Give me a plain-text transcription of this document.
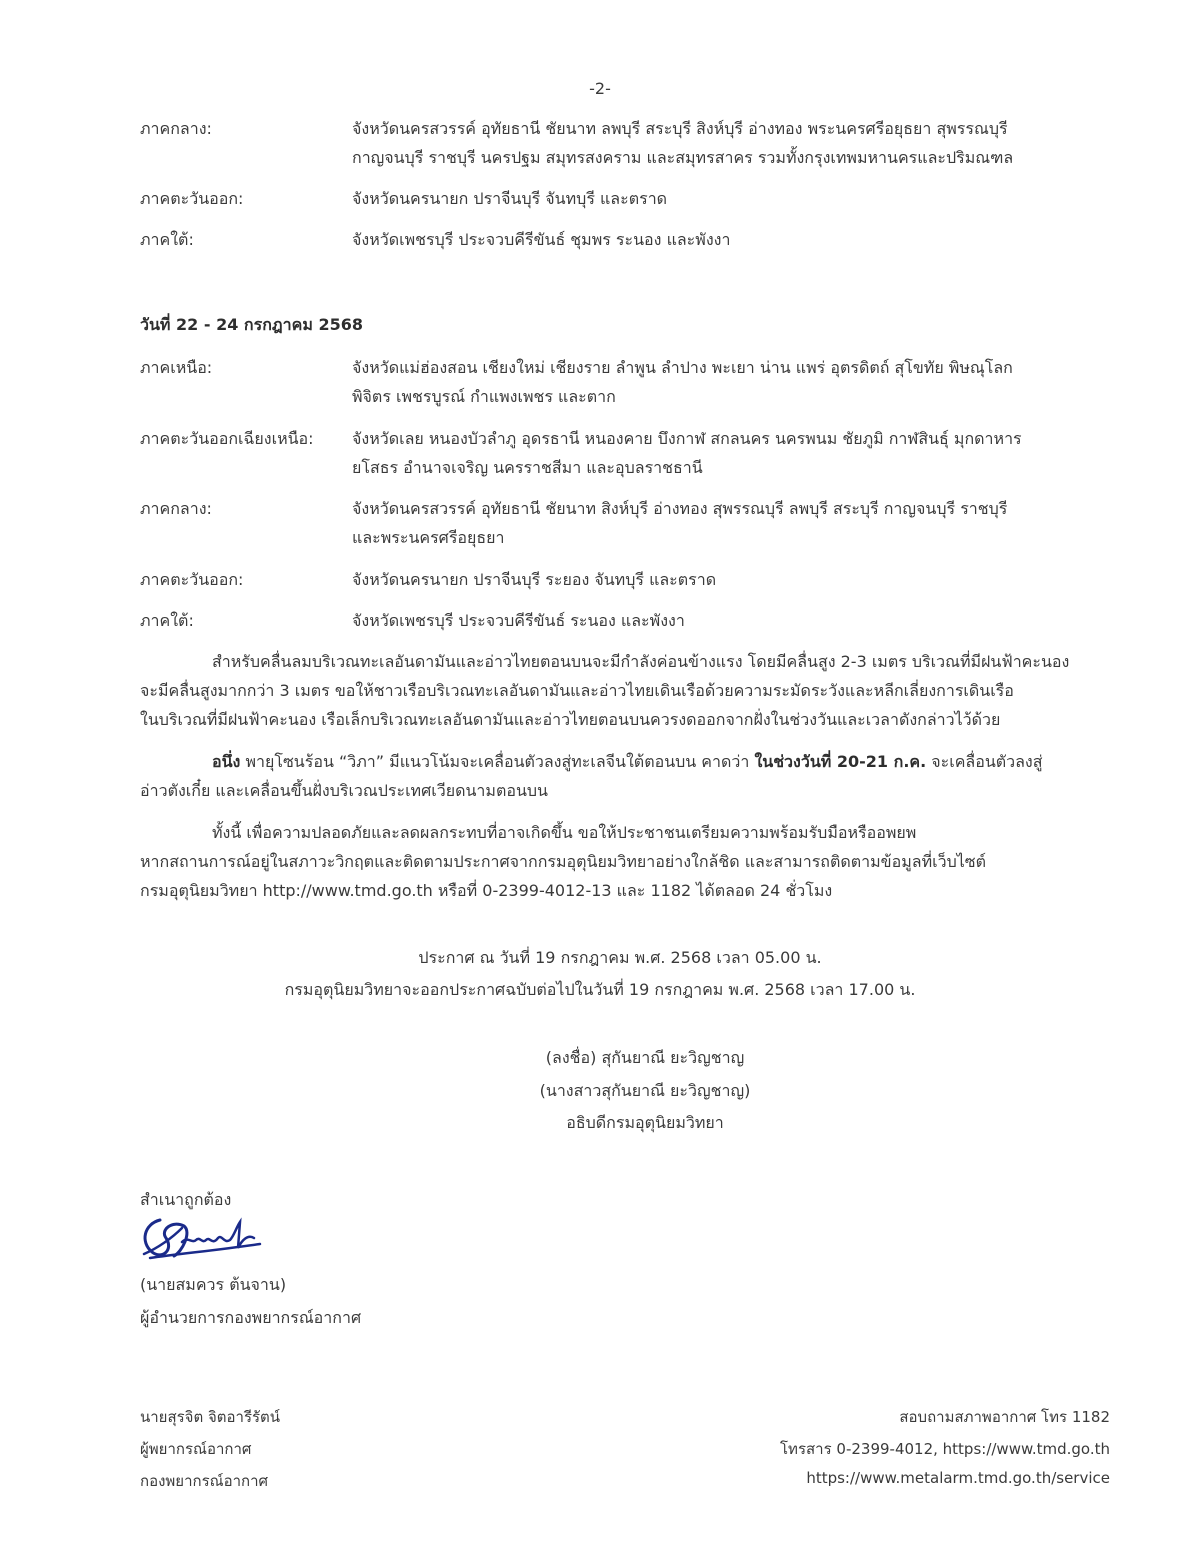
-2-
ภาคกลาง:	จังหวัดนครสวรรค์ อุทัยธานี ชัยนาท ลพบุรี สระบุรี สิงห์บุรี อ่างทอง พระนครศรีอยุธยา สุพรรณบุรี
กาญจนบุรี ราชบุรี นครปฐม สมุทรสงคราม และสมุทรสาคร รวมทั้งกรุงเทพมหานครและปริมณฑล
ภาคตะวันออก:	จังหวัดนครนายก ปราจีนบุรี จันทบุรี และตราด
ภาคใต้:	จังหวัดเพชรบุรี ประจวบคีรีขันธ์ ชุมพร ระนอง และพังงา
วันที่ 22 - 24 กรกฎาคม 2568
ภาคเหนือ:	จังหวัดแม่ฮ่องสอน เชียงใหม่ เชียงราย ลำพูน ลำปาง พะเยา น่าน แพร่ อุตรดิตถ์ สุโขทัย พิษณุโลก
พิจิตร เพชรบูรณ์ กำแพงเพชร และตาก
ภาคตะวันออกเฉียงเหนือ: จังหวัดเลย หนองบัวลำภู อุดรธานี หนองคาย บึงกาฬ สกลนคร นครพนม ชัยภูมิ กาฬสินธุ์ มุกดาหาร
ยโสธร อำนาจเจริญ นครราชสีมา และอุบลราชธานี
ภาคกลาง:	จังหวัดนครสวรรค์ อุทัยธานี ชัยนาท สิงห์บุรี อ่างทอง สุพรรณบุรี ลพบุรี สระบุรี กาญจนบุรี ราชบุรี
และพระนครศรีอยุธยา
ภาคตะวันออก:	จังหวัดนครนายก ปราจีนบุรี ระยอง จันทบุรี และตราด
ภาคใต้:	จังหวัดเพชรบุรี ประจวบคีรีขันธ์ ระนอง และพังงา
สำหรับคลื่นลมบริเวณทะเลอันดามันและอ่าวไทยตอนบนจะมีกำลังค่อนข้างแรง โดยมีคลื่นสูง 2-3 เมตร บริเวณที่มีฝนฟ้าคะนอง
จะมีคลื่นสูงมากกว่า 3 เมตร ขอให้ชาวเรือบริเวณทะเลอันดามันและอ่าวไทยเดินเรือด้วยความระมัดระวังและหลีกเลี่ยงการเดินเรือ
ในบริเวณที่มีฝนฟ้าคะนอง เรือเล็กบริเวณทะเลอันดามันและอ่าวไทยตอนบนควรงดออกจากฝั่งในช่วงวันและเวลาดังกล่าวไว้ด้วย
อนึ่ง พายุโซนร้อน “วิภา” มีแนวโน้มจะเคลื่อนตัวลงสู่ทะเลจีนใต้ตอนบน คาดว่า ในช่วงวันที่ 20-21 ก.ค. จะเคลื่อนตัวลงสู่
อ่าวตังเกี๋ย และเคลื่อนขึ้นฝั่งบริเวณประเทศเวียดนามตอนบน
ทั้งนี้ เพื่อความปลอดภัยและลดผลกระทบที่อาจเกิดขึ้น ขอให้ประชาชนเตรียมความพร้อมรับมือหรืออพยพ
หากสถานการณ์อยู่ในสภาวะวิกฤตและติดตามประกาศจากกรมอุตุนิยมวิทยาอย่างใกล้ชิด และสามารถติดตามข้อมูลที่เว็บไซต์
กรมอุตุนิยมวิทยา http://www.tmd.go.th หรือที่ 0-2399-4012-13 และ 1182 ได้ตลอด 24 ชั่วโมง
ประกาศ ณ วันที่ 19 กรกฎาคม พ.ศ. 2568 เวลา 05.00 น.
กรมอุตุนิยมวิทยาจะออกประกาศฉบับต่อไปในวันที่ 19 กรกฎาคม พ.ศ. 2568 เวลา 17.00 น.
(ลงชื่อ) สุกันยาณี ยะวิญชาญ
(นางสาวสุกันยาณี ยะวิญชาญ)
อธิบดีกรมอุตุนิยมวิทยา
สำเนาถูกต้อง
(นายสมควร ต้นจาน)
ผู้อำนวยการกองพยากรณ์อากาศ
นายสุรจิต จิตอารีรัตน์
ผู้พยากรณ์อากาศ
กองพยากรณ์อากาศ
สอบถามสภาพอากาศ โทร 1182
โทรสาร 0-2399-4012, https://www.tmd.go.th
https://www.metalarm.tmd.go.th/service
